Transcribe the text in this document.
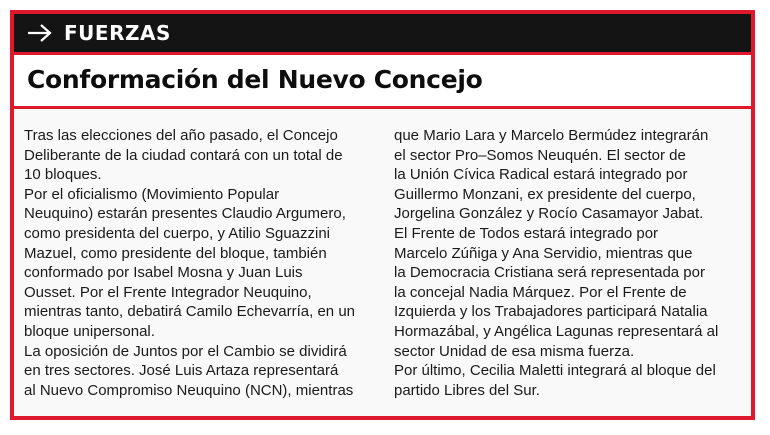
FUERZAS
Conformación del Nuevo Concejo
Tras las elecciones del año pasado, el Concejo
Deliberante de la ciudad contará con un total de
10 bloques.
Por el oficialismo (Movimiento Popular
Neuquino) estarán presentes Claudio Argumero,
como presidenta del cuerpo, y Atilio Sguazzini
Mazuel, como presidente del bloque, también
conformado por Isabel Mosna y Juan Luis
Ousset. Por el Frente Integrador Neuquino,
mientras tanto, debatirá Camilo Echevarría, en un
bloque unipersonal.
La oposición de Juntos por el Cambio se dividirá
en tres sectores. José Luis Artaza representará
al Nuevo Compromiso Neuquino (NCN), mientras
que Mario Lara y Marcelo Bermúdez integrarán
el sector Pro–Somos Neuquén. El sector de
la Unión Cívica Radical estará integrado por
Guillermo Monzani, ex presidente del cuerpo,
Jorgelina González y Rocío Casamayor Jabat.
El Frente de Todos estará integrado por
Marcelo Zúñiga y Ana Servidio, mientras que
la Democracia Cristiana será representada por
la concejal Nadia Márquez. Por el Frente de
Izquierda y los Trabajadores participará Natalia
Hormazábal, y Angélica Lagunas representará al
sector Unidad de esa misma fuerza.
Por último, Cecilia Maletti integrará al bloque del
partido Libres del Sur.
